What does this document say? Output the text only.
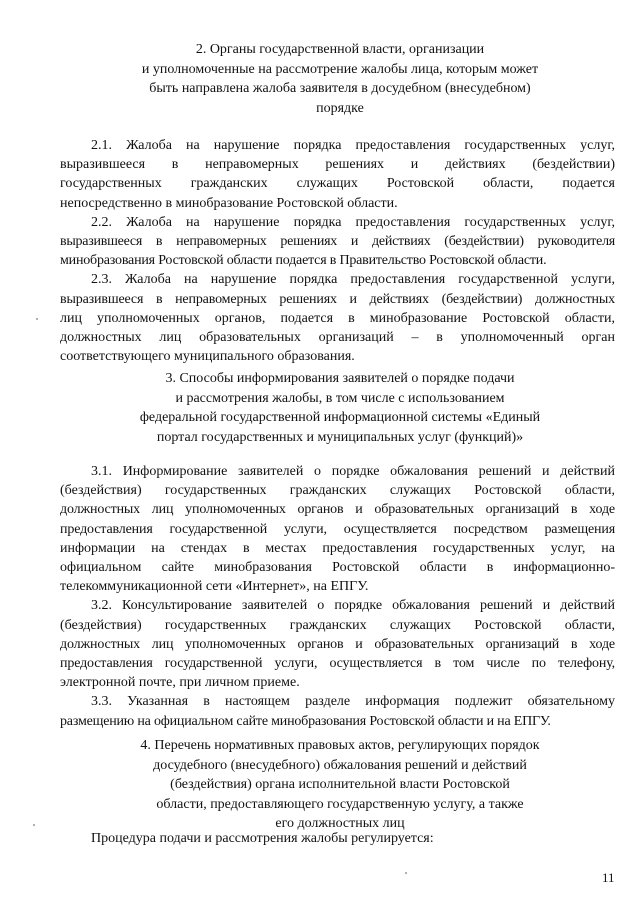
2. Органы государственной власти, организации
и уполномоченные на рассмотрение жалобы лица, которым может
быть направлена жалоба заявителя в досудебном (внесудебном)
порядке
2.1. Жалоба на нарушение порядка предоставления государственных услуг,
выразившееся в неправомерных решениях и действиях (бездействии)
государственных гражданских служащих Ростовской области, подается
непосредственно в минобразование Ростовской области.
2.2. Жалоба на нарушение порядка предоставления государственных услуг,
выразившееся в неправомерных решениях и действиях (бездействии) руководителя
минобразования Ростовской области подается в Правительство Ростовской области.
2.3. Жалоба на нарушение порядка предоставления государственной услуги,
выразившееся в неправомерных решениях и действиях (бездействии) должностных
лиц уполномоченных органов, подается в минобразование Ростовской области,
должностных лиц образовательных организаций – в уполномоченный орган
соответствующего муниципального образования.
3. Способы информирования заявителей о порядке подачи
и рассмотрения жалобы, в том числе с использованием
федеральной государственной информационной системы «Единый
портал государственных и муниципальных услуг (функций)»
3.1. Информирование заявителей о порядке обжалования решений и действий
(бездействия) государственных гражданских служащих Ростовской области,
должностных лиц уполномоченных органов и образовательных организаций в ходе
предоставления государственной услуги, осуществляется посредством размещения
информации на стендах в местах предоставления государственных услуг, на
официальном сайте минобразования Ростовской области в информационно-
телекоммуникационной сети «Интернет», на ЕПГУ.
3.2. Консультирование заявителей о порядке обжалования решений и действий
(бездействия) государственных гражданских служащих Ростовской области,
должностных лиц уполномоченных органов и образовательных организаций в ходе
предоставления государственной услуги, осуществляется в том числе по телефону,
электронной почте, при личном приеме.
3.3. Указанная в настоящем разделе информация подлежит обязательному
размещению на официальном сайте минобразования Ростовской области и на ЕПГУ.
4. Перечень нормативных правовых актов, регулирующих порядок
досудебного (внесудебного) обжалования решений и действий
(бездействия) органа исполнительной власти Ростовской
области, предоставляющего государственную услугу, а также
его должностных лиц
Процедура подачи и рассмотрения жалобы регулируется:
11
